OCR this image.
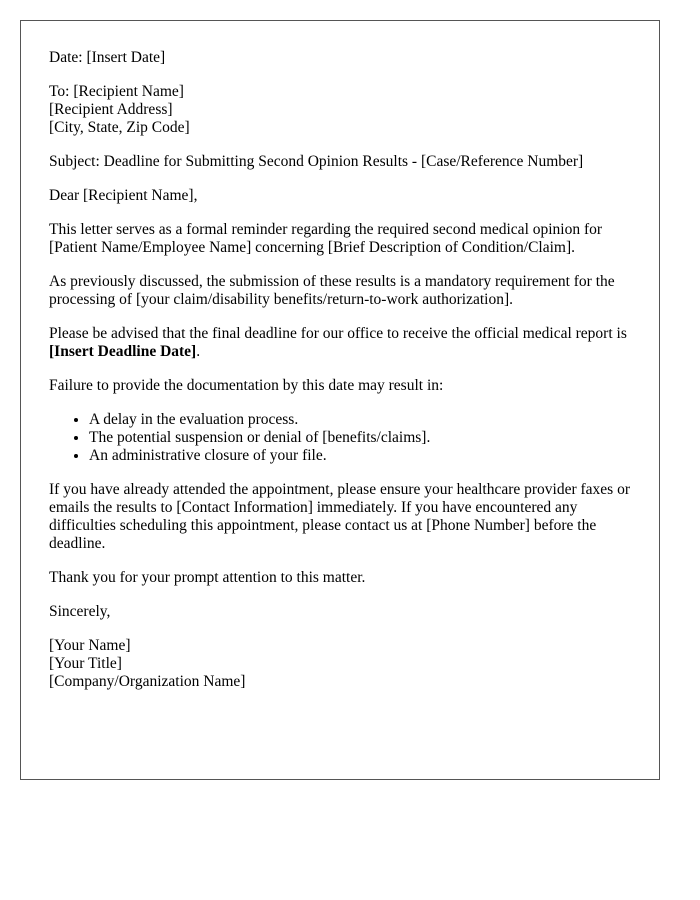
Date: [Insert Date]

To: [Recipient Name]
[Recipient Address]
[City, State, Zip Code]

Subject: Deadline for Submitting Second Opinion Results - [Case/Reference Number]

Dear [Recipient Name],

This letter serves as a formal reminder regarding the required second medical opinion for [Patient Name/Employee Name] concerning [Brief Description of Condition/Claim].

As previously discussed, the submission of these results is a mandatory requirement for the processing of [your claim/disability benefits/return-to-work authorization].

Please be advised that the final deadline for our office to receive the official medical report is [Insert Deadline Date].

Failure to provide the documentation by this date may result in:

• A delay in the evaluation process.
• The potential suspension or denial of [benefits/claims].
• An administrative closure of your file.

If you have already attended the appointment, please ensure your healthcare provider faxes or emails the results to [Contact Information] immediately. If you have encountered any difficulties scheduling this appointment, please contact us at [Phone Number] before the deadline.

Thank you for your prompt attention to this matter.

Sincerely,

[Your Name]
[Your Title]
[Company/Organization Name]
